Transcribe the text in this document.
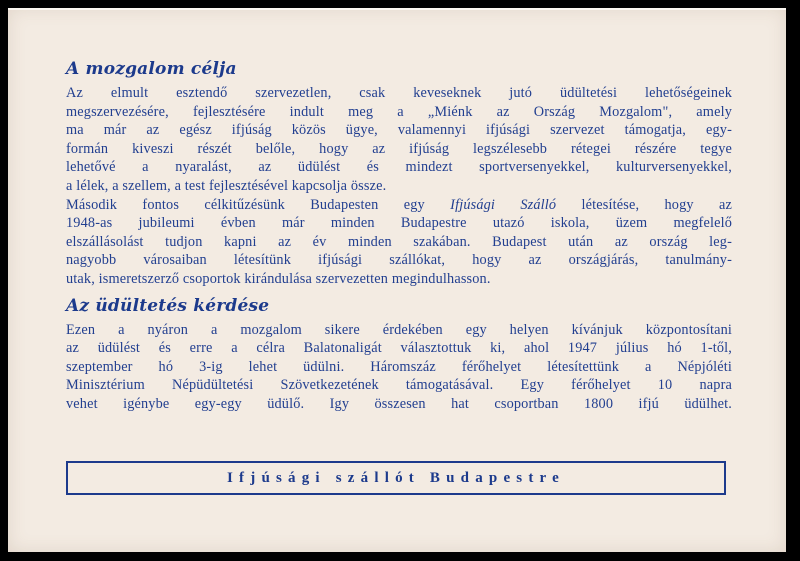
A mozgalom célja
Az elmult esztendő szervezetlen, csak keveseknek jutó üdültetési lehetőségeinek
megszervezésére, fejlesztésére indult meg a „Miénk az Ország Mozgalom", amely
ma már az egész ifjúság közös ügye, valamennyi ifjúsági szervezet támogatja, egy-
formán kiveszi részét belőle, hogy az ifjúság legszélesebb rétegei részére tegye
lehetővé a nyaralást, az üdülést és mindezt sportversenyekkel, kulturversenyekkel,
a lélek, a szellem, a test fejlesztésével kapcsolja össze.
Második fontos célkitűzésünk Budapesten egy Ifjúsági Szálló létesítése, hogy az
1948-as jubileumi évben már minden Budapestre utazó iskola, üzem megfelelő
elszállásolást tudjon kapni az év minden szakában. Budapest után az ország leg-
nagyobb városaiban létesítünk ifjúsági szállókat, hogy az országjárás, tanulmány-
utak, ismeretszerző csoportok kirándulása szervezetten megindulhasson.
Az üdültetés kérdése
Ezen a nyáron a mozgalom sikere érdekében egy helyen kívánjuk központosítani
az üdülést és erre a célra Balatonaligát választottuk ki, ahol 1947 július hó 1-től,
szeptember hó 3-ig lehet üdülni. Háromszáz férőhelyet létesítettünk a Népjóléti
Minisztérium Népüdültetési Szövetkezetének támogatásával. Egy férőhelyet 10 napra
vehet igénybe egy-egy üdülő. Igy összesen hat csoportban 1800 ifjú üdülhet.
Ifjúsági szállót Budapestre
